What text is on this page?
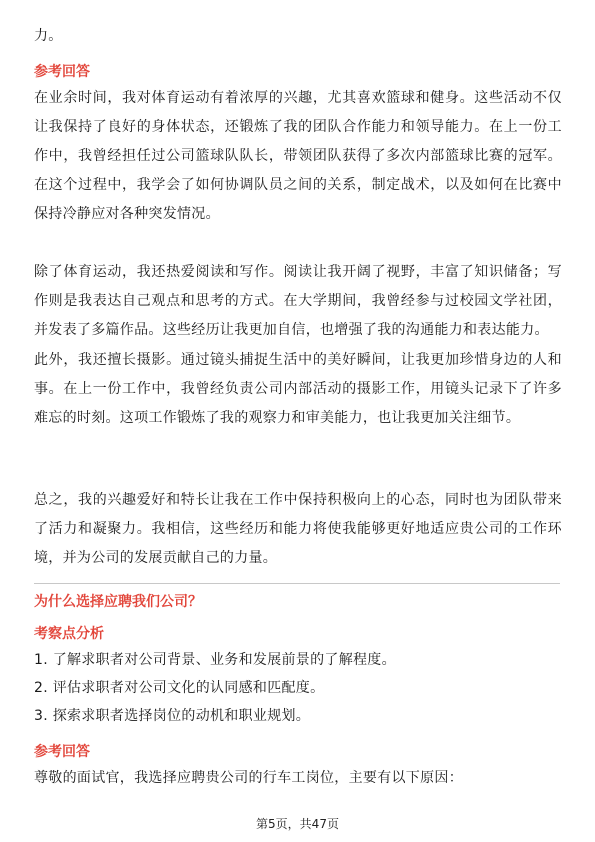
力。

参考回答

在业余时间，我对体育运动有着浓厚的兴趣，尤其喜欢篮球和健身。这些活动不仅让我保持了良好的身体状态，还锻炼了我的团队合作能力和领导能力。在上一份工作中，我曾经担任过公司篮球队队长，带领团队获得了多次内部篮球比赛的冠军。在这个过程中，我学会了如何协调队员之间的关系，制定战术，以及如何在比赛中保持冷静应对各种突发情况。

除了体育运动，我还热爱阅读和写作。阅读让我开阔了视野，丰富了知识储备；写作则是我表达自己观点和思考的方式。在大学期间，我曾经参与过校园文学社团，并发表了多篇作品。这些经历让我更加自信，也增强了我的沟通能力和表达能力。

此外，我还擅长摄影。通过镜头捕捉生活中的美好瞬间，让我更加珍惜身边的人和事。在上一份工作中，我曾经负责公司内部活动的摄影工作，用镜头记录下了许多难忘的时刻。这项工作锻炼了我的观察力和审美能力，也让我更加关注细节。

总之，我的兴趣爱好和特长让我在工作中保持积极向上的心态，同时也为团队带来了活力和凝聚力。我相信，这些经历和能力将使我能够更好地适应贵公司的工作环境，并为公司的发展贡献自己的力量。

为什么选择应聘我们公司？

考察点分析

1. 了解求职者对公司背景、业务和发展前景的了解程度。

2. 评估求职者对公司文化的认同感和匹配度。

3. 探索求职者选择岗位的动机和职业规划。

参考回答

尊敬的面试官，我选择应聘贵公司的行车工岗位，主要有以下原因：

第5页，共47页
